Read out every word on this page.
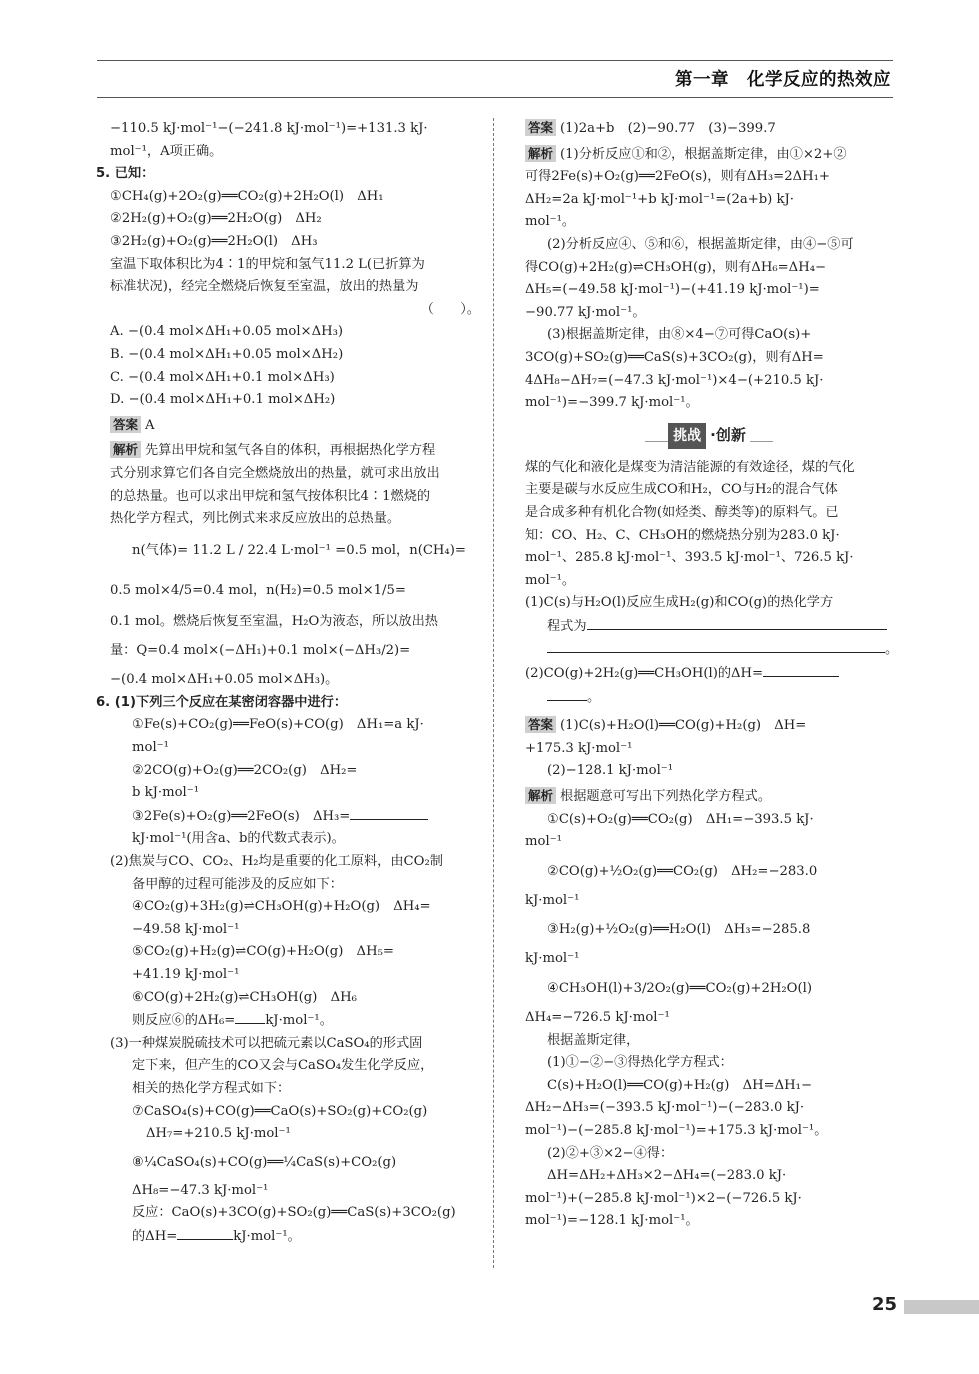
第一章　化学反应的热效应
−110.5 kJ·mol⁻¹−(−241.8 kJ·mol⁻¹)=+131.3 kJ·
mol⁻¹，A项正确。
5. 已知：
①CH₄(g)+2O₂(g)══CO₂(g)+2H₂O(l)　ΔH₁
②2H₂(g)+O₂(g)══2H₂O(g)　ΔH₂
③2H₂(g)+O₂(g)══2H₂O(l)　ΔH₃
室温下取体积比为4∶1的甲烷和氢气11.2 L(已折算为
标准状况)，经完全燃烧后恢复至室温，放出的热量为
（　　）。
A. −(0.4 mol×ΔH₁+0.05 mol×ΔH₃)
B. −(0.4 mol×ΔH₁+0.05 mol×ΔH₂)
C. −(0.4 mol×ΔH₁+0.1 mol×ΔH₃)
D. −(0.4 mol×ΔH₁+0.1 mol×ΔH₂)
答案 A
解析 先算出甲烷和氢气各自的体积，再根据热化学方程
式分别求算它们各自完全燃烧放出的热量，就可求出放出
的总热量。也可以求出甲烷和氢气按体积比4∶1燃烧的
热化学方程式，列比例式来求反应放出的总热量。
n(气体)= 11.2 L / 22.4 L·mol⁻¹ =0.5 mol，n(CH₄)=
0.5 mol×4/5=0.4 mol，n(H₂)=0.5 mol×1/5=
0.1 mol。燃烧后恢复至室温，H₂O为液态，所以放出热
量：Q=0.4 mol×(−ΔH₁)+0.1 mol×(−ΔH₃/2)=
−(0.4 mol×ΔH₁+0.05 mol×ΔH₃)。
6. (1)下列三个反应在某密闭容器中进行：
①Fe(s)+CO₂(g)══FeO(s)+CO(g)　ΔH₁=a kJ·
mol⁻¹
②2CO(g)+O₂(g)══2CO₂(g)　ΔH₂=
b kJ·mol⁻¹
③2Fe(s)+O₂(g)══2FeO(s)　ΔH₃=
kJ·mol⁻¹(用含a、b的代数式表示)。
(2)焦炭与CO、CO₂、H₂均是重要的化工原料，由CO₂制
备甲醇的过程可能涉及的反应如下：
④CO₂(g)+3H₂(g)⇌CH₃OH(g)+H₂O(g)　ΔH₄=
−49.58 kJ·mol⁻¹
⑤CO₂(g)+H₂(g)⇌CO(g)+H₂O(g)　ΔH₅=
+41.19 kJ·mol⁻¹
⑥CO(g)+2H₂(g)⇌CH₃OH(g)　ΔH₆
则反应⑥的ΔH₆= kJ·mol⁻¹。
(3)一种煤炭脱硫技术可以把硫元素以CaSO₄的形式固
定下来，但产生的CO又会与CaSO₄发生化学反应，
相关的热化学方程式如下：
⑦CaSO₄(s)+CO(g)══CaO(s)+SO₂(g)+CO₂(g)
ΔH₇=+210.5 kJ·mol⁻¹
⑧¼CaSO₄(s)+CO(g)══¼CaS(s)+CO₂(g)
ΔH₈=−47.3 kJ·mol⁻¹
反应：CaO(s)+3CO(g)+SO₂(g)══CaS(s)+3CO₂(g)
的ΔH=	kJ·mol⁻¹。
答案 (1)2a+b　(2)−90.77　(3)−399.7
解析 (1)分析反应①和②，根据盖斯定律，由①×2+②
可得2Fe(s)+O₂(g)══2FeO(s)，则有ΔH₃=2ΔH₁+
ΔH₂=2a kJ·mol⁻¹+b kJ·mol⁻¹=(2a+b) kJ·
mol⁻¹。
(2)分析反应④、⑤和⑥，根据盖斯定律，由④−⑤可
得CO(g)+2H₂(g)⇌CH₃OH(g)，则有ΔH₆=ΔH₄−
ΔH₅=(−49.58 kJ·mol⁻¹)−(+41.19 kJ·mol⁻¹)=
−90.77 kJ·mol⁻¹。
(3)根据盖斯定律，由⑧×4−⑦可得CaO(s)+
3CO(g)+SO₂(g)══CaS(s)+3CO₂(g)，则有ΔH=
4ΔH₈−ΔH₇=(−47.3 kJ·mol⁻¹)×4−(+210.5 kJ·
mol⁻¹)=−399.7 kJ·mol⁻¹。
挑战 ·创新
煤的气化和液化是煤变为清洁能源的有效途径，煤的气化
主要是碳与水反应生成CO和H₂，CO与H₂的混合气体
是合成多种有机化合物(如烃类、醇类等)的原料气。已
知：CO、H₂、C、CH₃OH的燃烧热分别为283.0 kJ·
mol⁻¹、285.8 kJ·mol⁻¹、393.5 kJ·mol⁻¹、726.5 kJ·
mol⁻¹。
(1)C(s)与H₂O(l)反应生成H₂(g)和CO(g)的热化学方
程式为
。
(2)CO(g)+2H₂(g)══CH₃OH(l)的ΔH=
。
答案 (1)C(s)+H₂O(l)══CO(g)+H₂(g)　ΔH=
+175.3 kJ·mol⁻¹
(2)−128.1 kJ·mol⁻¹
解析 根据题意可写出下列热化学方程式。
①C(s)+O₂(g)══CO₂(g)　ΔH₁=−393.5 kJ·
mol⁻¹
②CO(g)+½O₂(g)══CO₂(g)　ΔH₂=−283.0
kJ·mol⁻¹
③H₂(g)+½O₂(g)══H₂O(l)　ΔH₃=−285.8
kJ·mol⁻¹
④CH₃OH(l)+3/2O₂(g)══CO₂(g)+2H₂O(l)
ΔH₄=−726.5 kJ·mol⁻¹
根据盖斯定律，
(1)①−②−③得热化学方程式：
C(s)+H₂O(l)══CO(g)+H₂(g)　ΔH=ΔH₁−
ΔH₂−ΔH₃=(−393.5 kJ·mol⁻¹)−(−283.0 kJ·
mol⁻¹)−(−285.8 kJ·mol⁻¹)=+175.3 kJ·mol⁻¹。
(2)②+③×2−④得：
ΔH=ΔH₂+ΔH₃×2−ΔH₄=(−283.0 kJ·
mol⁻¹)+(−285.8 kJ·mol⁻¹)×2−(−726.5 kJ·
mol⁻¹)=−128.1 kJ·mol⁻¹。
25
